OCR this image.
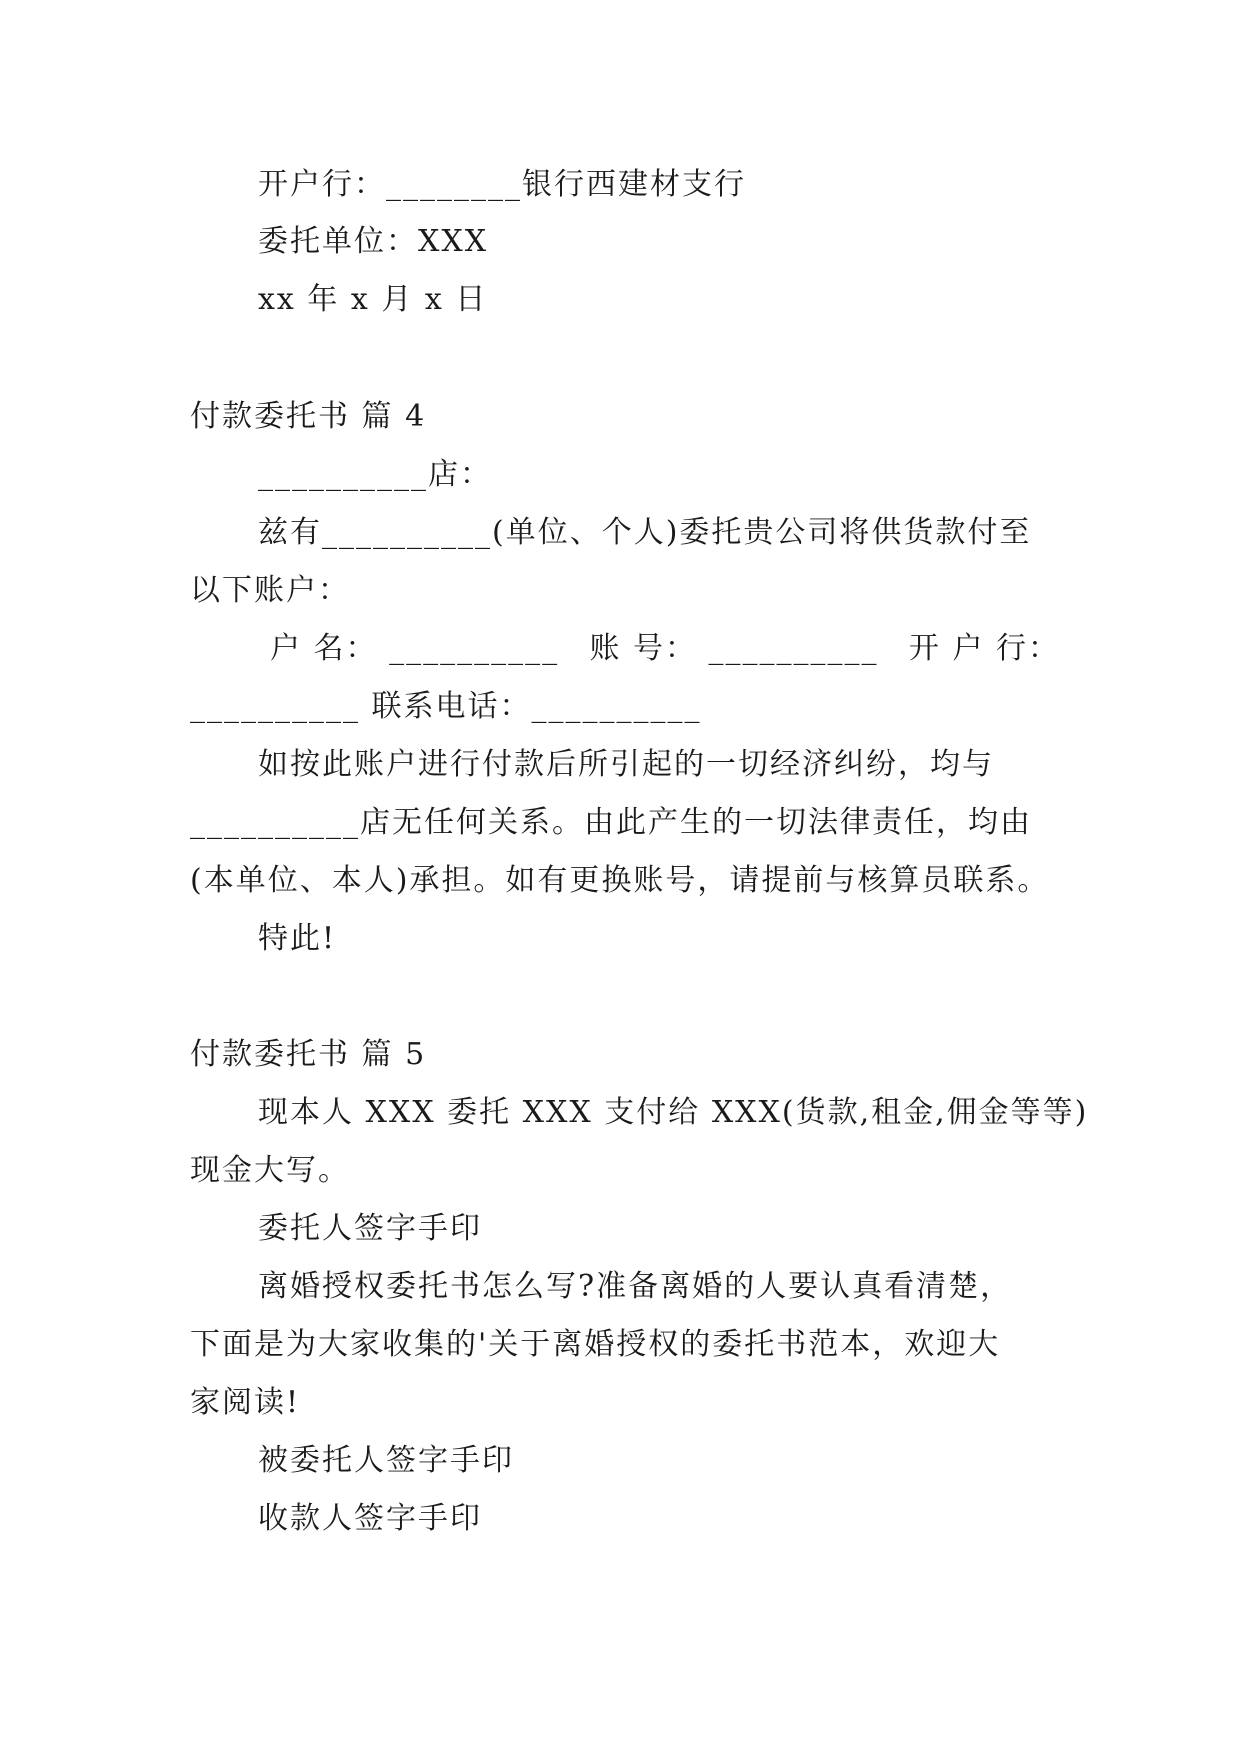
开户行：________银行西建材支行
委托单位：XXX
xx 年 x 月 x 日
付款委托书 篇 4
__________店：
兹有__________(单位、个人)委托贵公司将供货款付至
以下账户：
户 名： __________ 账 号： __________ 开 户 行：
__________ 联系电话：__________
如按此账户进行付款后所引起的一切经济纠纷，均与
__________店无任何关系。由此产生的一切法律责任，均由
(本单位、本人)承担。如有更换账号，请提前与核算员联系。
特此!
付款委托书 篇 5
现本人 XXX 委托 XXX 支付给 XXX(货款,租金,佣金等等)
现金大写。
委托人签字手印
离婚授权委托书怎么写?准备离婚的人要认真看清楚，
下面是为大家收集的'关于离婚授权的委托书范本，欢迎大
家阅读!
被委托人签字手印
收款人签字手印
